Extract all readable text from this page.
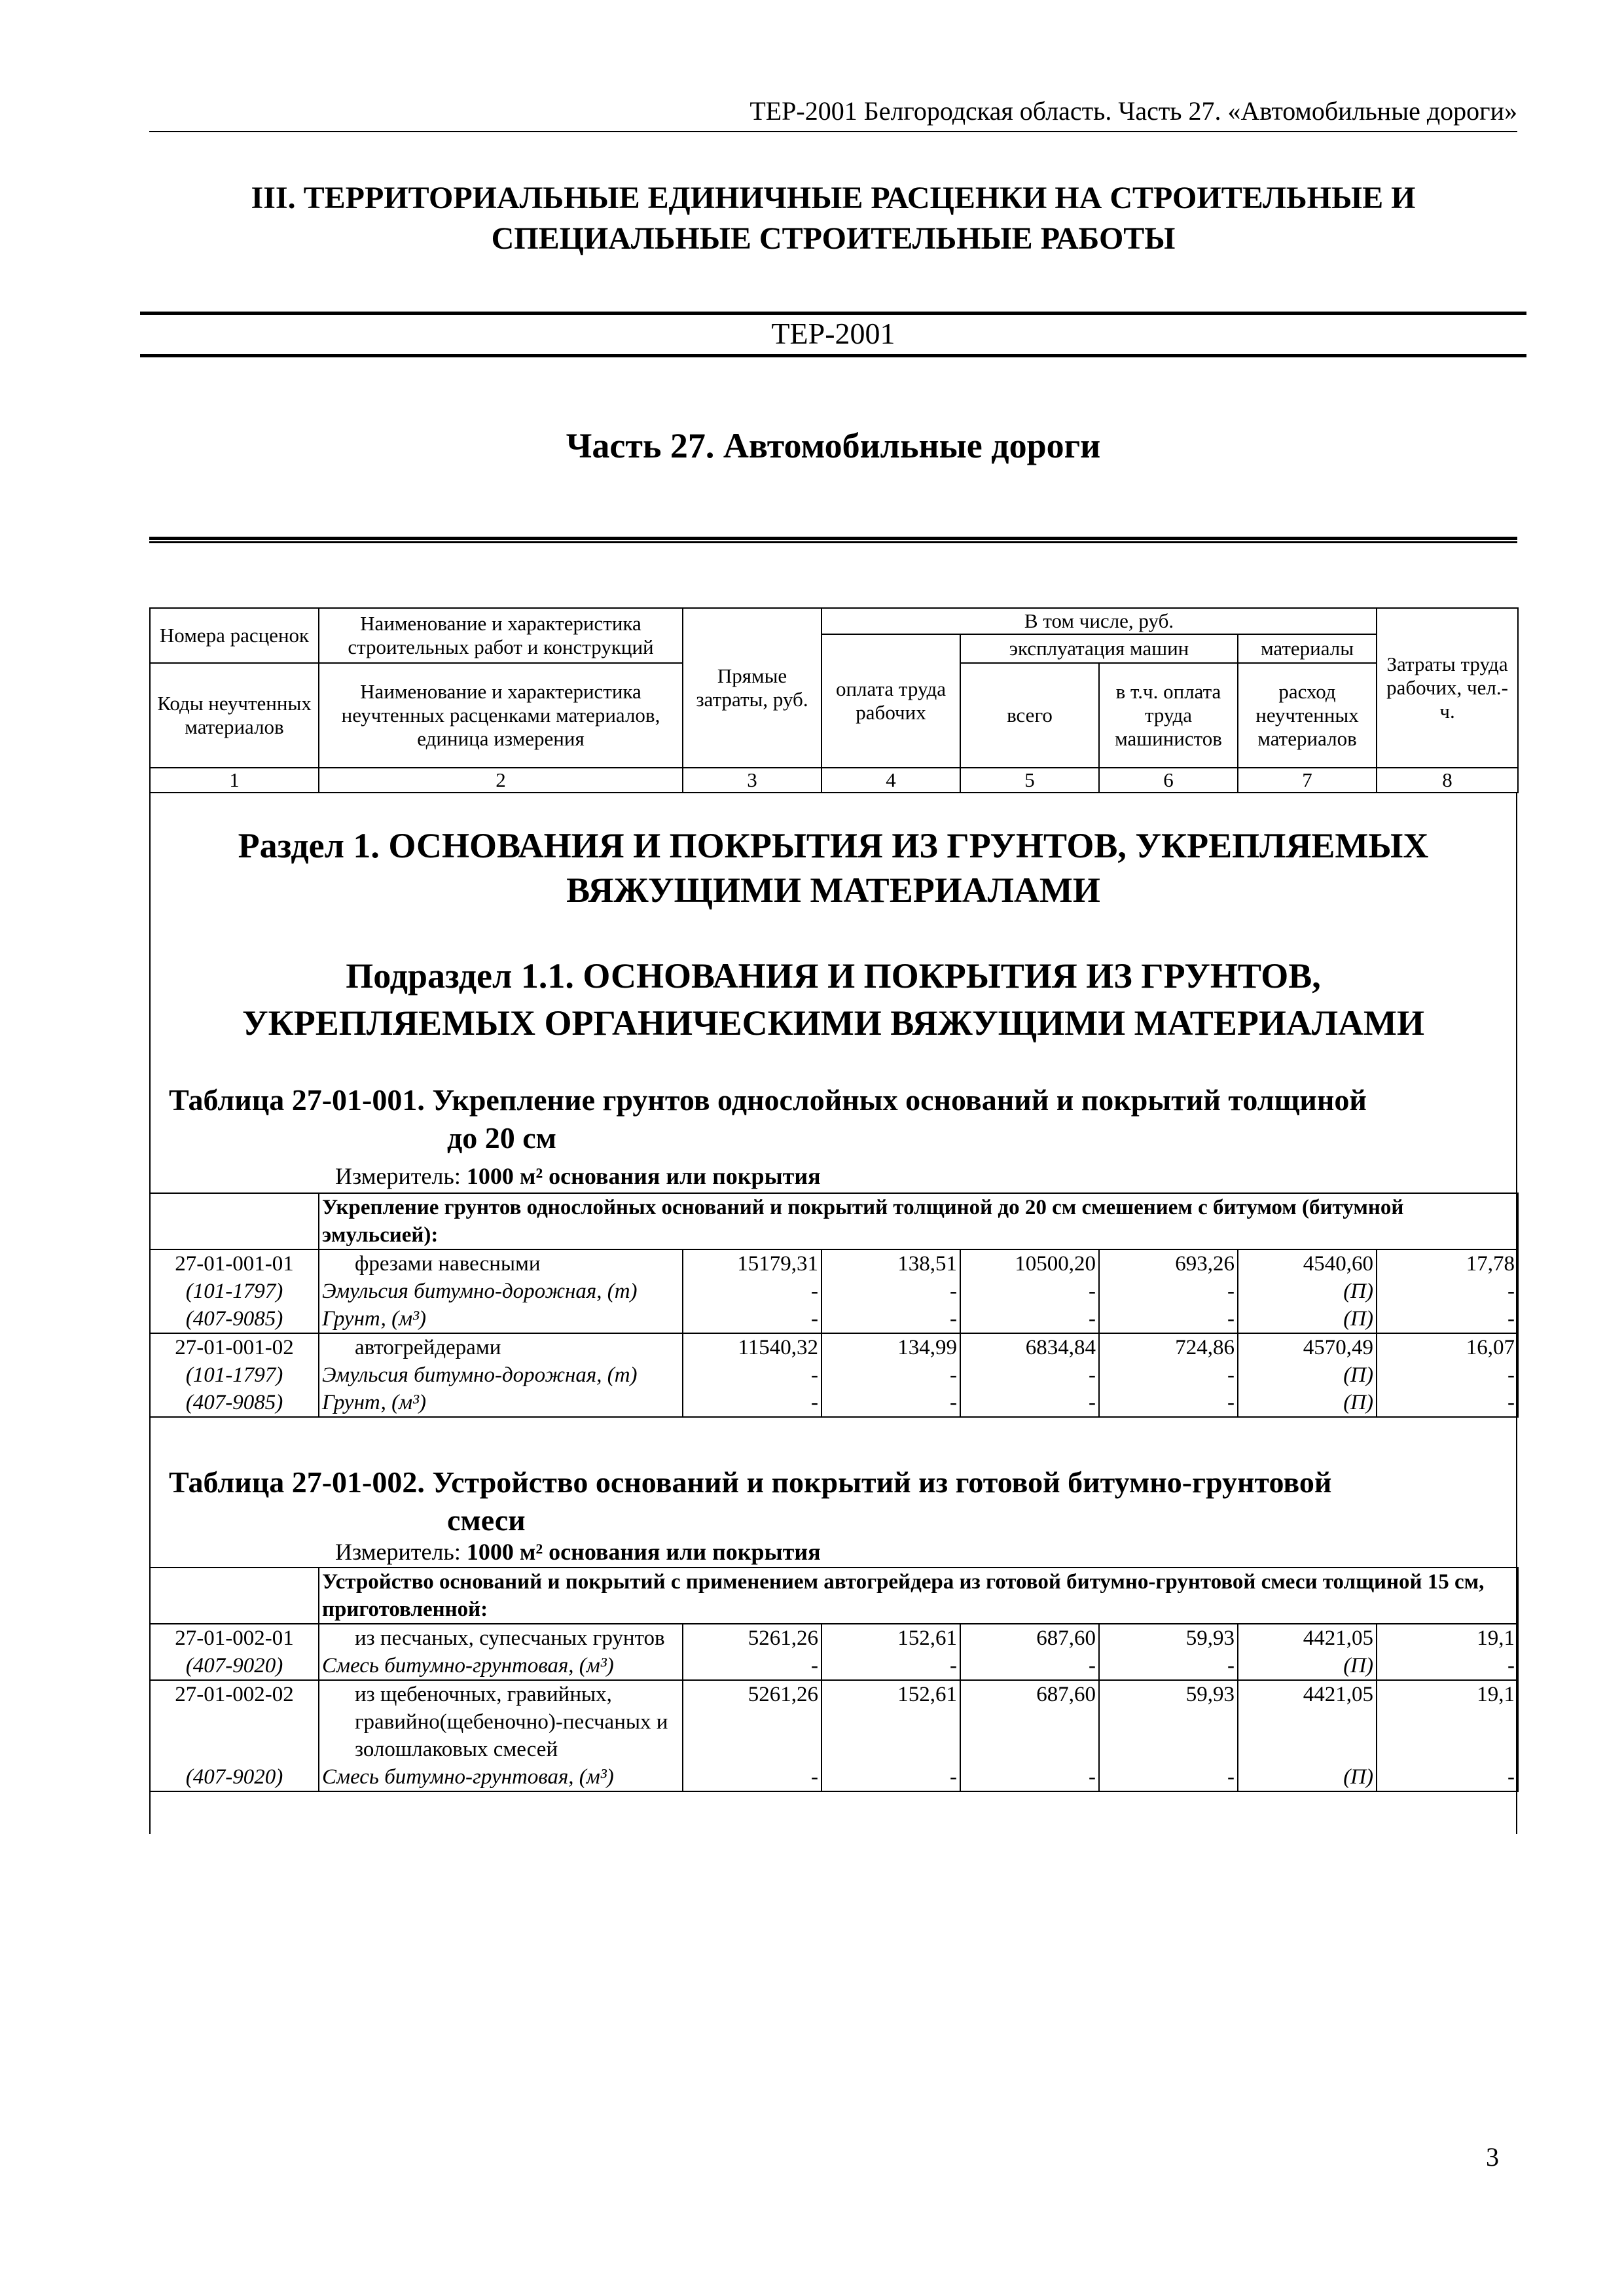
ТЕР-2001 Белгородская область. Часть 27. «Автомобильные дороги»
III. ТЕРРИТОРИАЛЬНЫЕ ЕДИНИЧНЫЕ РАСЦЕНКИ НА СТРОИТЕЛЬНЫЕ И
СПЕЦИАЛЬНЫЕ СТРОИТЕЛЬНЫЕ РАБОТЫ
ТЕР-2001
Часть 27. Автомобильные дороги
Номера расценок	Наименование и характеристика строительных работ и конструкций	Прямые затраты, руб.	В том числе, руб.				Затраты труда рабочих, чел.-ч.
			оплата труда рабочих	эксплуатация машин		материалы	
Коды неучтенных материалов	Наименование и характеристика неучтенных расценками материалов, единица измерения			всего	в т.ч. оплата труда машинистов	расход неучтенных материалов	
1	2	3	4	5	6	7	8
Раздел 1. ОСНОВАНИЯ И ПОКРЫТИЯ ИЗ ГРУНТОВ, УКРЕПЛЯЕМЫХ
ВЯЖУЩИМИ МАТЕРИАЛАМИ
Подраздел 1.1. ОСНОВАНИЯ И ПОКРЫТИЯ ИЗ ГРУНТОВ,
УКРЕПЛЯЕМЫХ ОРГАНИЧЕСКИМИ ВЯЖУЩИМИ МАТЕРИАЛАМИ
Таблица 27-01-001. Укрепление грунтов однослойных оснований и покрытий толщиной
до 20 см
Измеритель: 1000 м² основания или покрытия
	Укрепление грунтов однослойных оснований и покрытий толщиной до 20 см смешением с битумом (битумной эмульсией):						
27-01-001-01	фрезами навесными	15179,31	138,51	10500,20	693,26	4540,60	17,78
(101-1797)	Эмульсия битумно-дорожная, (т)	-	-	-	-	(П)	-
(407-9085)	Грунт, (м³)	-	-	-	-	(П)	-
27-01-001-02	автогрейдерами	11540,32	134,99	6834,84	724,86	4570,49	16,07
(101-1797)	Эмульсия битумно-дорожная, (т)	-	-	-	-	(П)	-
(407-9085)	Грунт, (м³)	-	-	-	-	(П)	-
Таблица 27-01-002. Устройство оснований и покрытий из готовой битумно-грунтовой
смеси
Измеритель: 1000 м² основания или покрытия
	Устройство оснований и покрытий с применением автогрейдера из готовой битумно-грунтовой смеси толщиной 15 см, приготовленной:						
27-01-002-01	из песчаных, супесчаных грунтов	5261,26	152,61	687,60	59,93	4421,05	19,1
(407-9020)	Смесь битумно-грунтовая, (м³)	-	-	-	-	(П)	-
27-01-002-02	из щебеночных, гравийных, гравийно(щебеночно)-песчаных и золошлаковых смесей	5261,26	152,61	687,60	59,93	4421,05	19,1
(407-9020)	Смесь битумно-грунтовая, (м³)	-	-	-	-	(П)	-
3
